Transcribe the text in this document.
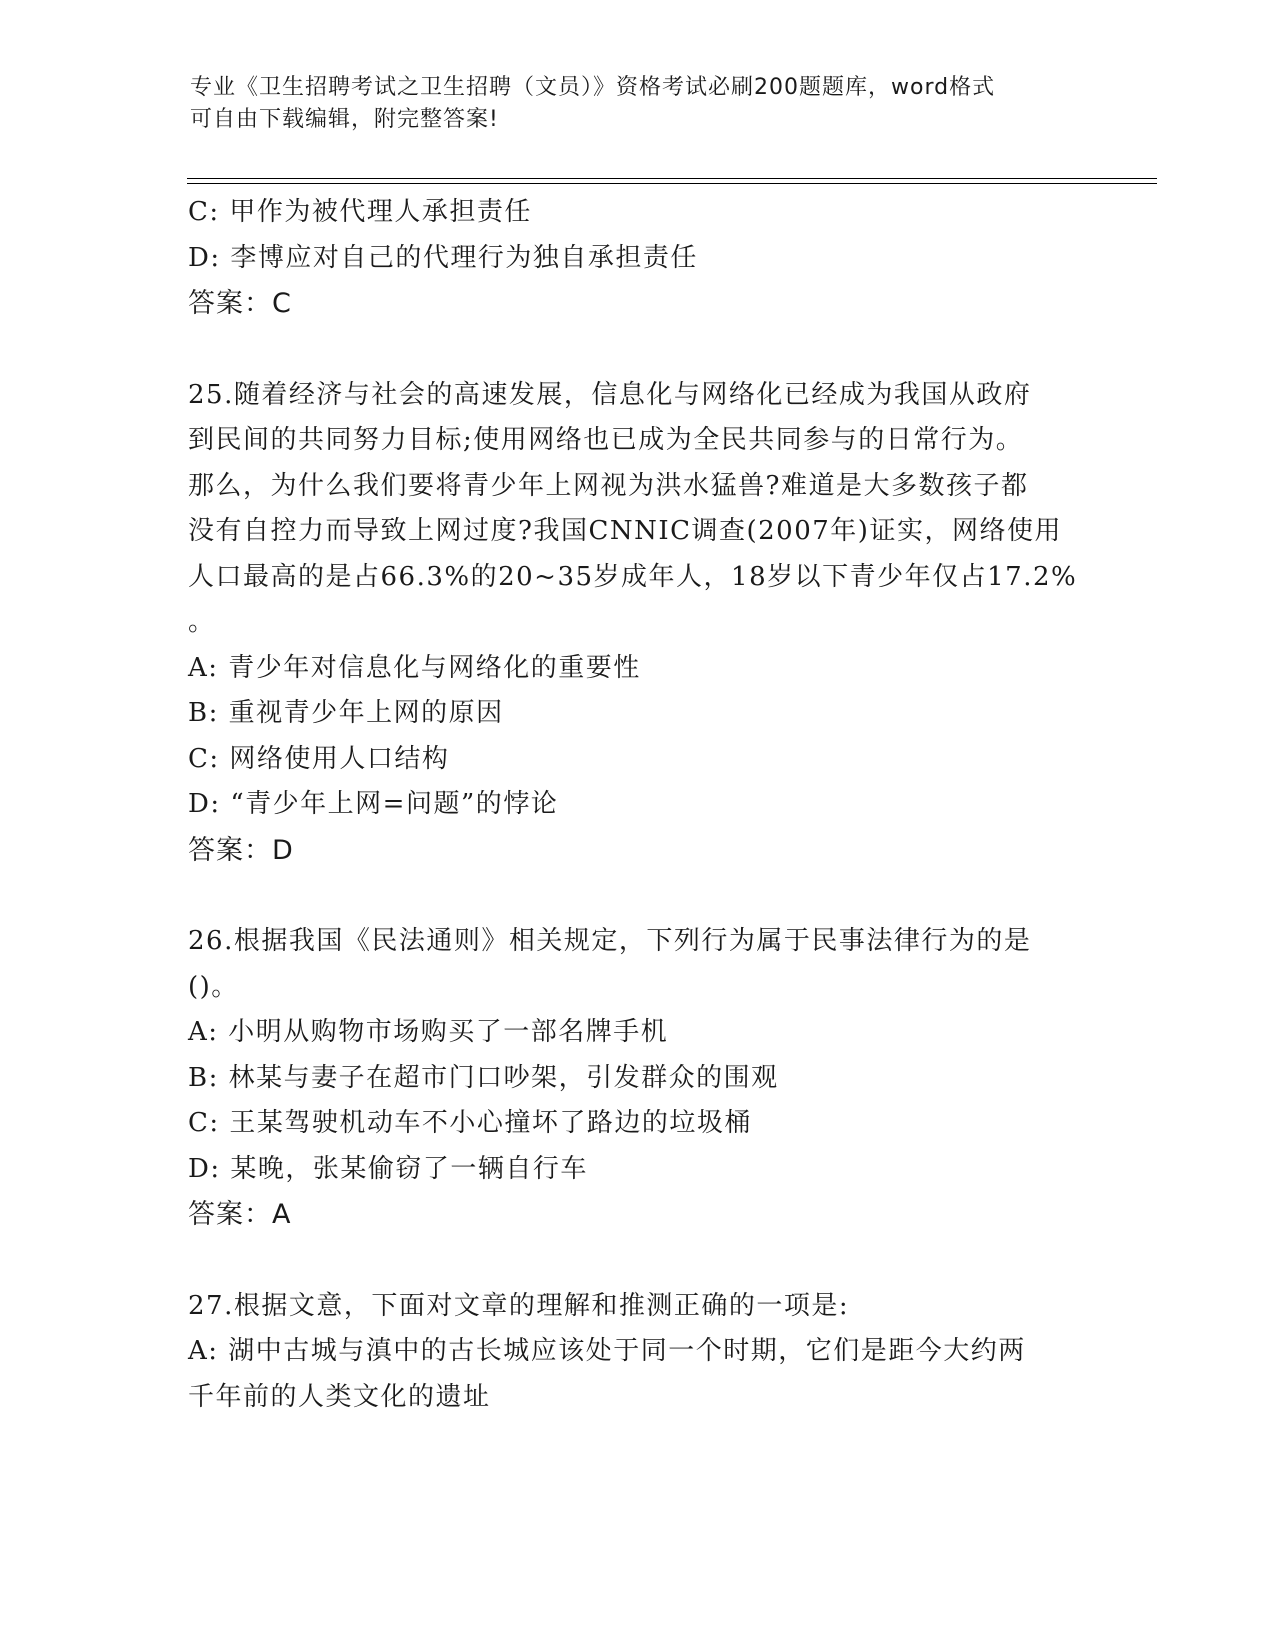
专业《卫生招聘考试之卫生招聘（文员）》资格考试必刷200题题库，word格式
可自由下载编辑，附完整答案!
C: 甲作为被代理人承担责任
D: 李博应对自己的代理行为独自承担责任
答案：C
25.随着经济与社会的高速发展，信息化与网络化已经成为我国从政府
到民间的共同努力目标;使用网络也已成为全民共同参与的日常行为。
那么，为什么我们要将青少年上网视为洪水猛兽?难道是大多数孩子都
没有自控力而导致上网过度?我国CNNIC调查(2007年)证实，网络使用
人口最高的是占66.3%的20~35岁成年人，18岁以下青少年仅占17.2%
。
A: 青少年对信息化与网络化的重要性
B: 重视青少年上网的原因
C: 网络使用人口结构
D: “青少年上网=问题”的悖论
答案：D
26.根据我国《民法通则》相关规定，下列行为属于民事法律行为的是
()。
A: 小明从购物市场购买了一部名牌手机
B: 林某与妻子在超市门口吵架，引发群众的围观
C: 王某驾驶机动车不小心撞坏了路边的垃圾桶
D: 某晚，张某偷窃了一辆自行车
答案：A
27.根据文意，下面对文章的理解和推测正确的一项是:
A: 湖中古城与滇中的古长城应该处于同一个时期，它们是距今大约两
千年前的人类文化的遗址
